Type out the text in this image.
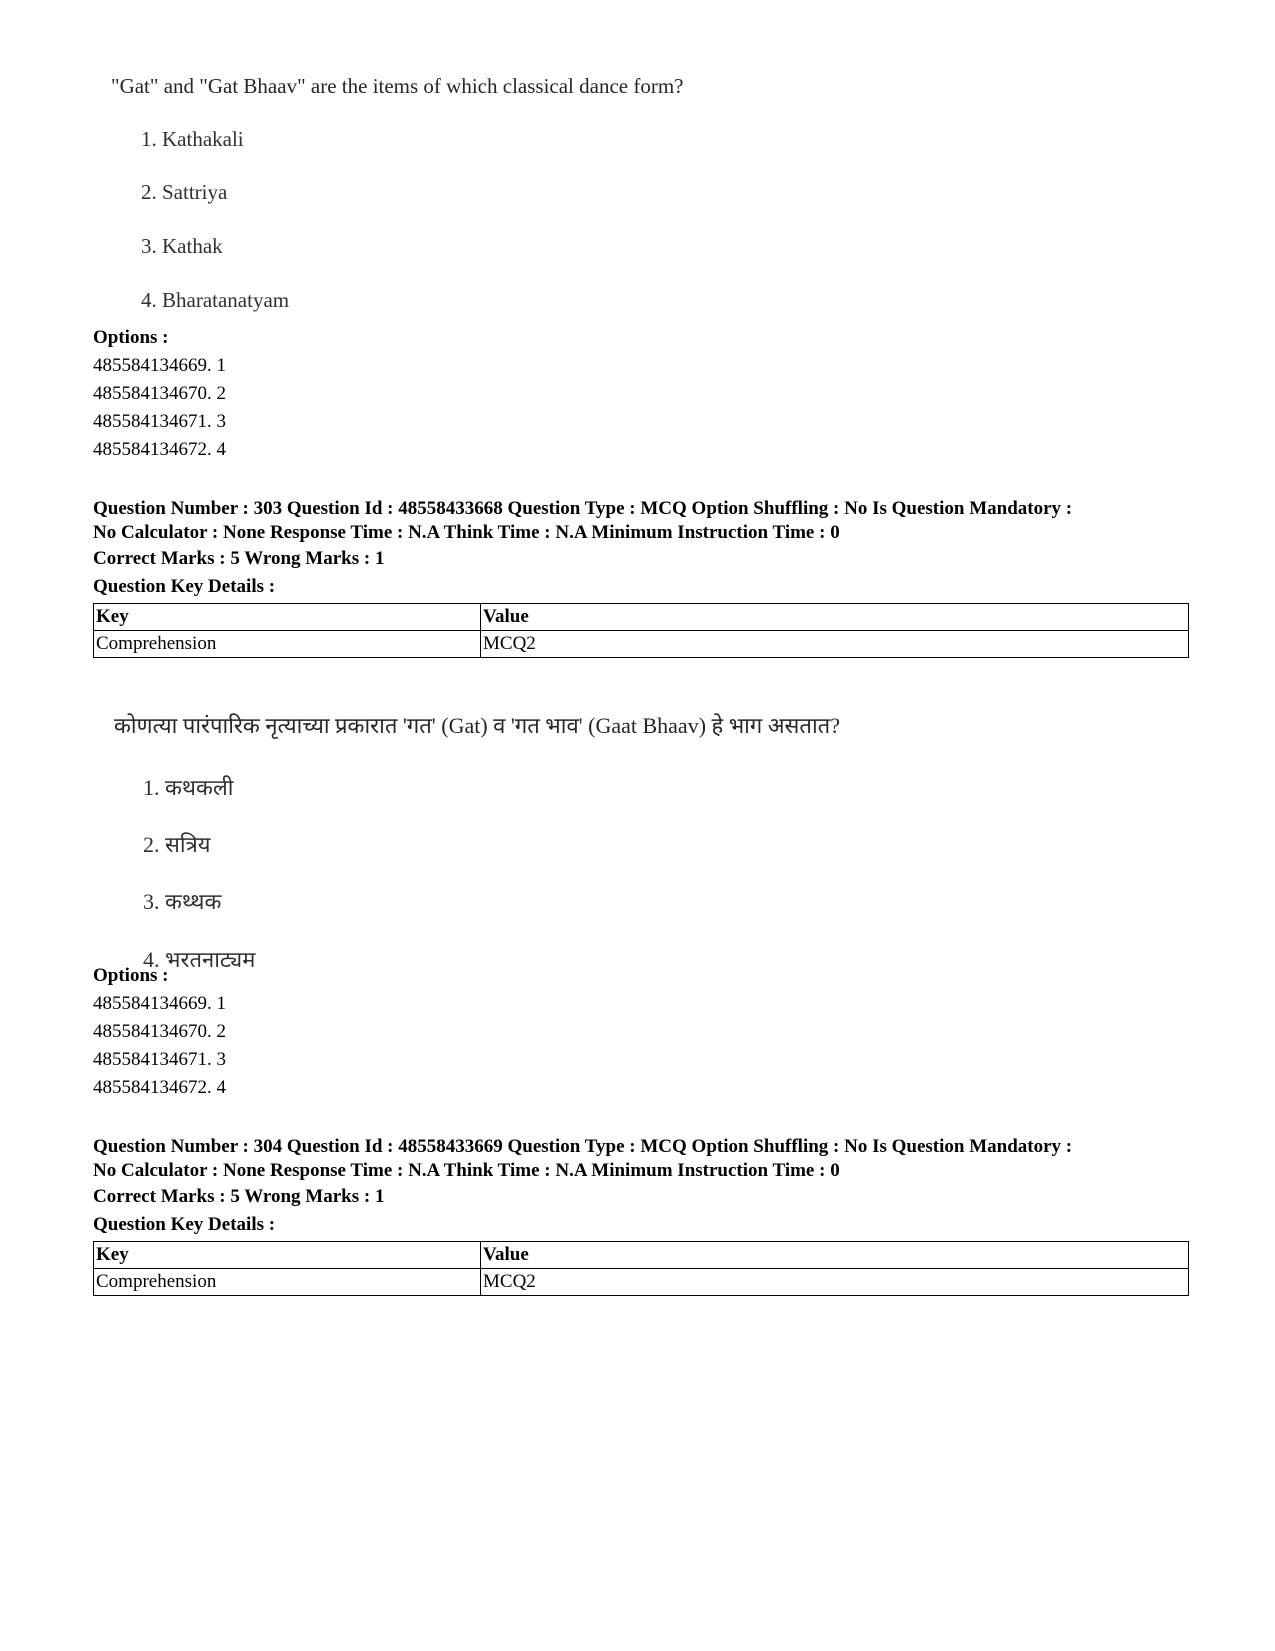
"Gat" and "Gat Bhaav" are the items of which classical dance form?
1. Kathakali
2. Sattriya
3. Kathak
4. Bharatanatyam
Options :
485584134669. 1
485584134670. 2
485584134671. 3
485584134672. 4
Question Number : 303 Question Id : 48558433668 Question Type : MCQ Option Shuffling : No Is Question Mandatory :
No Calculator : None Response Time : N.A Think Time : N.A Minimum Instruction Time : 0
Correct Marks : 5 Wrong Marks : 1
Question Key Details :
Key	Value
Comprehension	MCQ2
कोणत्या पारंपारिक नृत्याच्या प्रकारात 'गत' (Gat) व 'गत भाव' (Gaat Bhaav) हे भाग असतात?
1. कथकली
2. सत्रिय
3. कथ्थक
4. भरतनाट्यम
Options :
485584134669. 1
485584134670. 2
485584134671. 3
485584134672. 4
Question Number : 304 Question Id : 48558433669 Question Type : MCQ Option Shuffling : No Is Question Mandatory :
No Calculator : None Response Time : N.A Think Time : N.A Minimum Instruction Time : 0
Correct Marks : 5 Wrong Marks : 1
Question Key Details :
Key	Value
Comprehension	MCQ2
